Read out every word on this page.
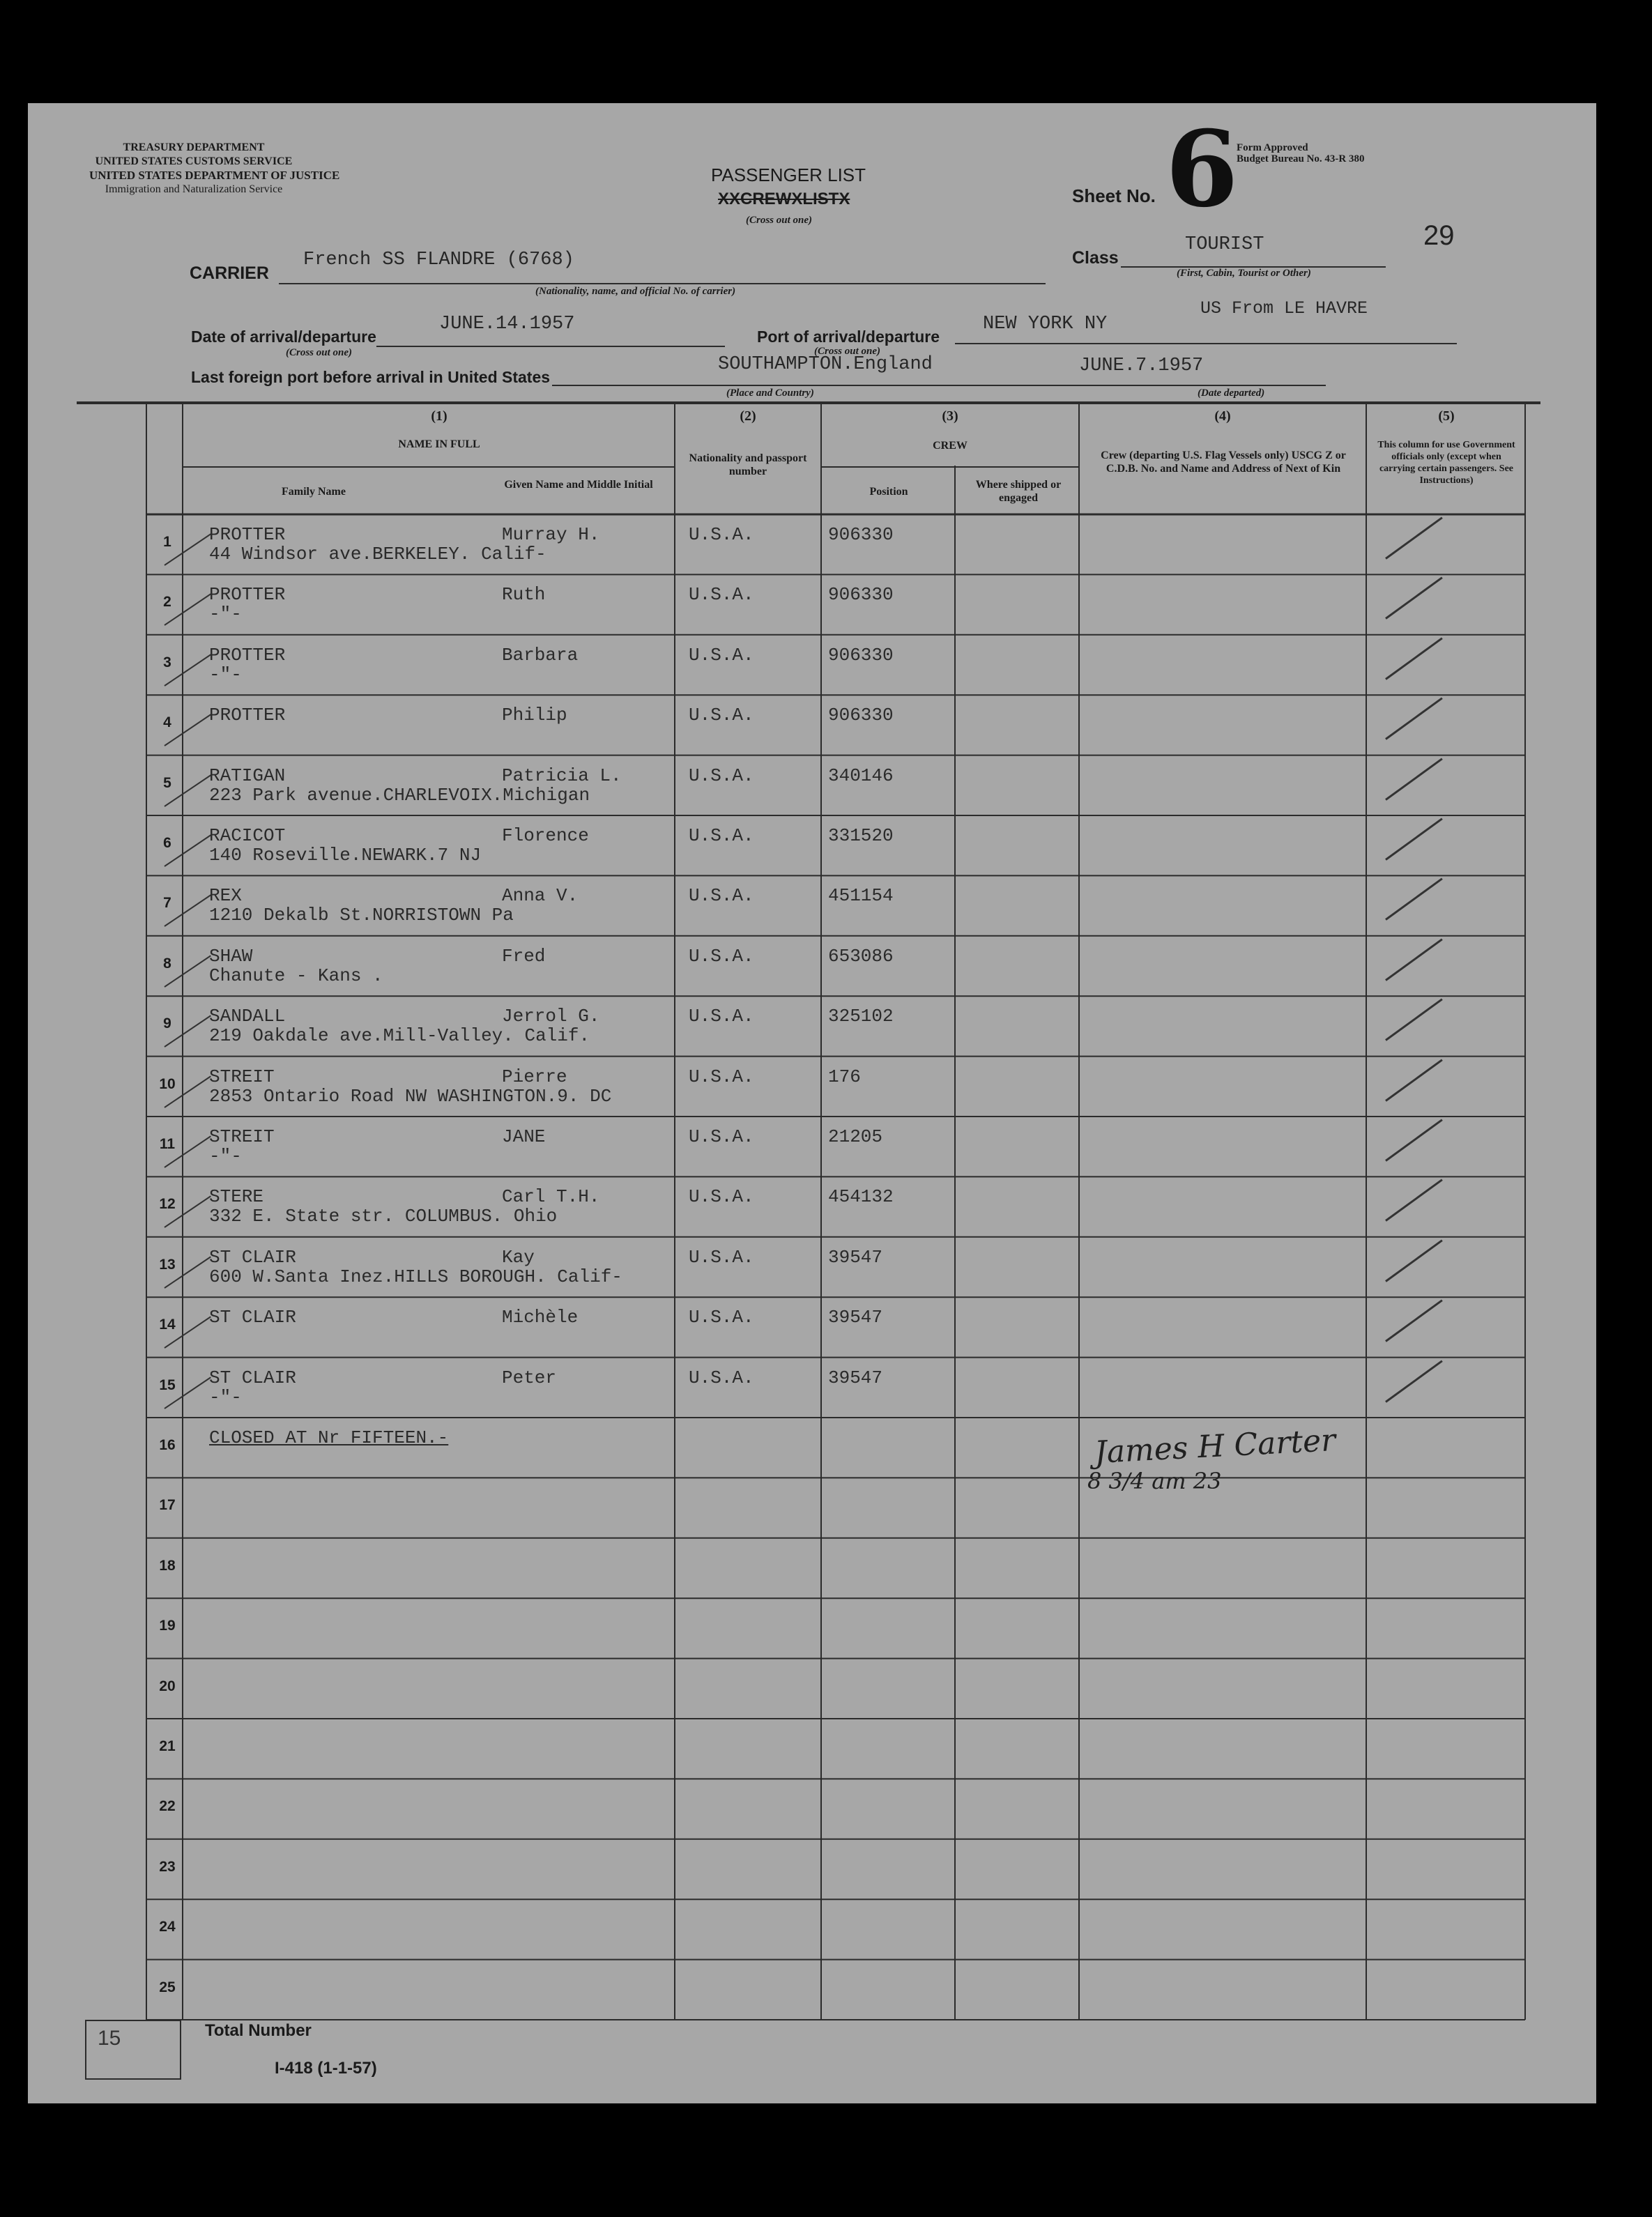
TREASURY DEPARTMENT
UNITED STATES CUSTOMS SERVICE
UNITED STATES DEPARTMENT OF JUSTICE
Immigration and Naturalization Service
PASSENGER LIST
XXCREWXLISTX
(Cross out one)
Sheet No. 6
Form Approved
Budget Bureau No. 43-R 380
29
CARRIER
French SS FLANDRE (6768)
(Nationality, name, and official No. of carrier)
Class
TOURIST
(First, Cabin, Tourist or Other)
US From LE HAVRE
Date of arrival/departure
JUNE.14.1957
(Cross out one)
Port of arrival/departure
NEW YORK NY
(Cross out one)
Last foreign port before arrival in United States
SOUTHAMPTON.England
(Place and Country)
JUNE.7.1957
(Date departed)
(1)
NAME IN FULL
Family Name
Given Name and Middle Initial
(2)
Nationality and passport number
(3)
CREW
Position
Where shipped or engaged
(4)
Crew (departing U.S. Flag Vessels only) USCG Z or C.D.B. No. and Name and Address of Next of Kin
(5)
This column for use Government officials only (except when carrying certain passengers. See Instructions)
1	PROTTER	Murray H.
44 Windsor ave.BERKELEY. Calif-
U.S.A.	906330
2	PROTTER	Ruth
-"-
U.S.A.	906330
3	PROTTER	Barbara
-"-
U.S.A.	906330
4	PROTTER	Philip	U.S.A.	906330
5	RATIGAN	Patricia L.
223 Park avenue.CHARLEVOIX.Michigan
U.S.A.	340146
6	RACICOT	Florence
140 Roseville.NEWARK.7 NJ
U.S.A.	331520
7	REX	Anna V.
1210 Dekalb St.NORRISTOWN Pa
U.S.A.	451154
8	SHAW	Fred
Chanute - Kans .
U.S.A.	653086
9	SANDALL	Jerrol G.
219 Oakdale ave.Mill-Valley. Calif.
U.S.A.	325102
10	STREIT	Pierre
2853 Ontario Road NW WASHINGTON.9. DC
U.S.A.	176
11	STREIT	JANE
-"-
U.S.A.	21205
12	STERE	Carl T.H.
332 E. State str. COLUMBUS. Ohio
U.S.A.	454132
13	ST CLAIR	Kay
600 W.Santa Inez.HILLS BOROUGH. Calif-
U.S.A.	39547
14	ST CLAIR	Michèle	U.S.A.	39547
15	ST CLAIR	Peter
-"-
U.S.A.	39547
16	CLOSED AT Nr FIFTEEN.-
17
18
19
20
21
22
23
24
25
James H Carter
8 3/4 am 23
15	Total Number
I-418 (1-1-57)
